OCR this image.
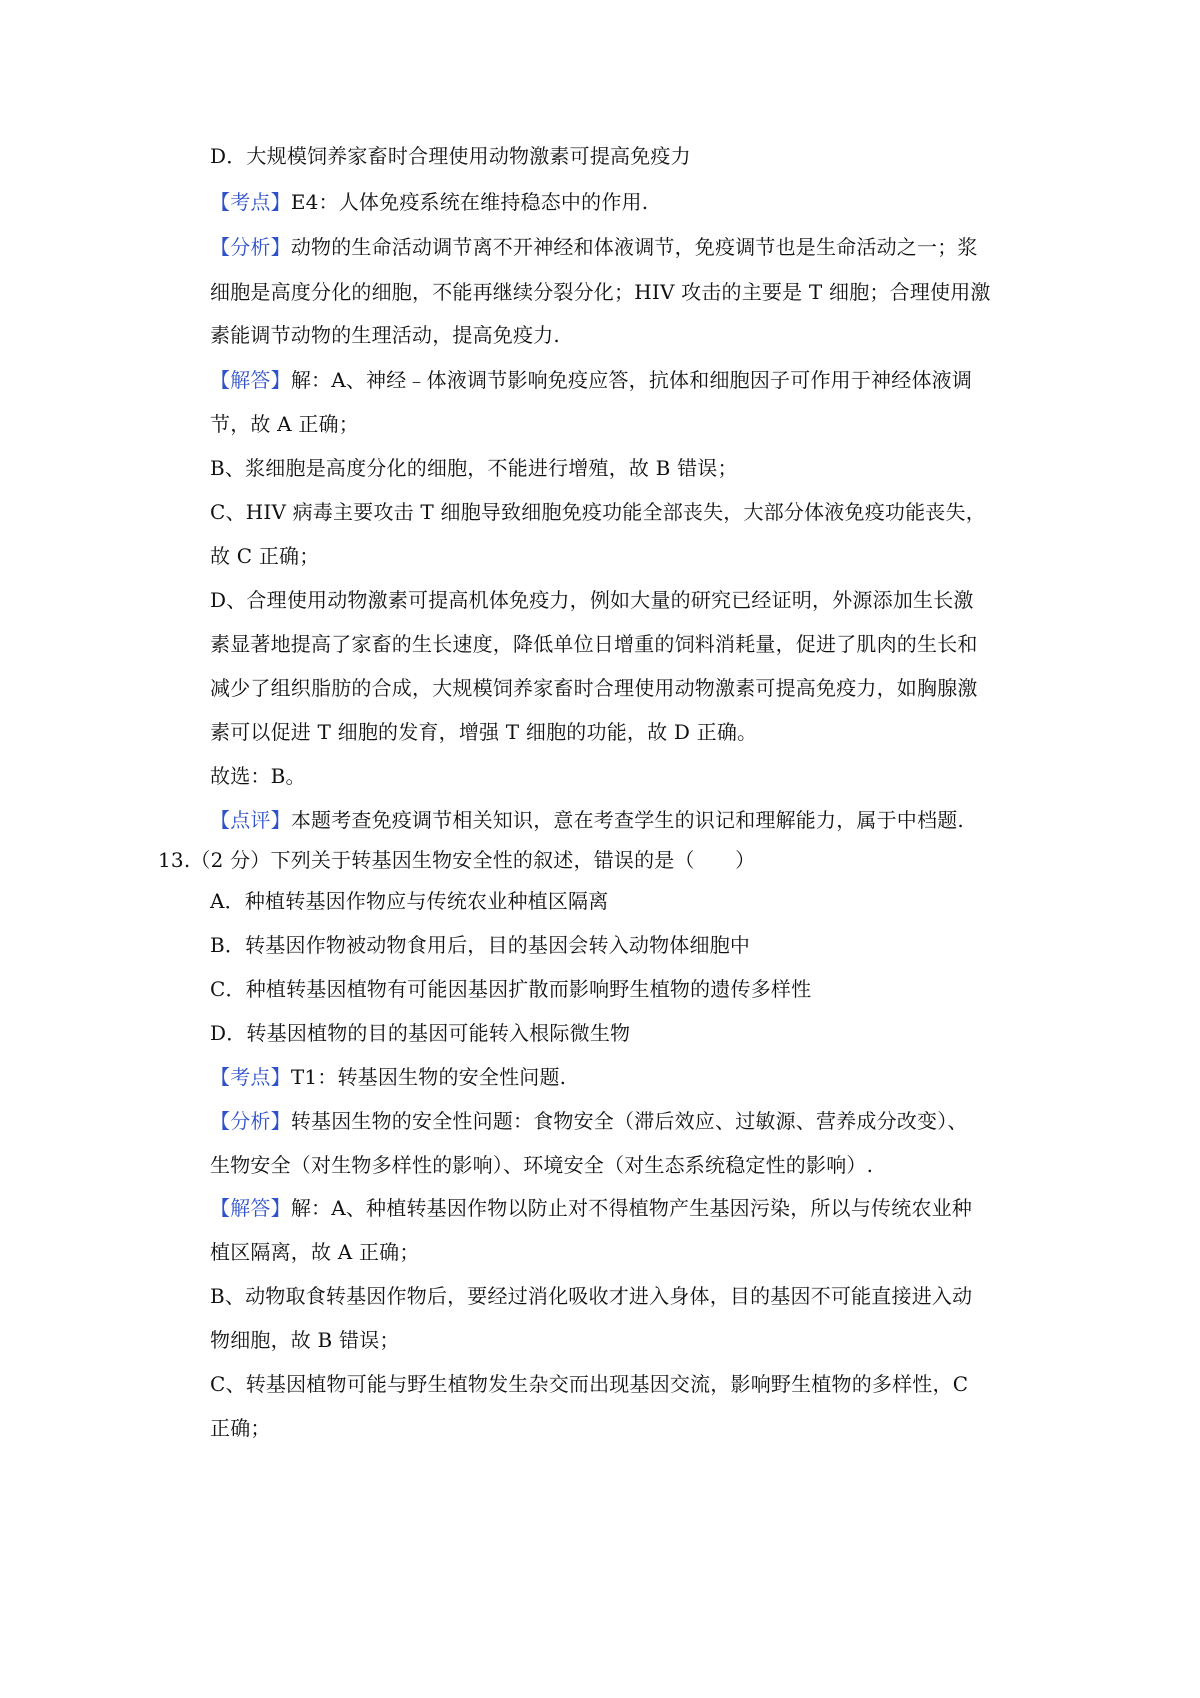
D．大规模饲养家畜时合理使用动物激素可提高免疫力
【考点】E4：人体免疫系统在维持稳态中的作用.
【分析】动物的生命活动调节离不开神经和体液调节，免疫调节也是生命活动之一；浆
细胞是高度分化的细胞，不能再继续分裂分化；HIV 攻击的主要是 T 细胞；合理使用激
素能调节动物的生理活动，提高免疫力.
【解答】解：A、神经﹣体液调节影响免疫应答，抗体和细胞因子可作用于神经体液调
节，故 A 正确；
B、浆细胞是高度分化的细胞，不能进行增殖，故 B 错误；
C、HIV 病毒主要攻击 T 细胞导致细胞免疫功能全部丧失，大部分体液免疫功能丧失，
故 C 正确；
D、合理使用动物激素可提高机体免疫力，例如大量的研究已经证明，外源添加生长激
素显著地提高了家畜的生长速度，降低单位日增重的饲料消耗量，促进了肌肉的生长和
减少了组织脂肪的合成，大规模饲养家畜时合理使用动物激素可提高免疫力，如胸腺激
素可以促进 T 细胞的发育，增强 T 细胞的功能，故 D 正确。
故选：B。
【点评】本题考查免疫调节相关知识，意在考查学生的识记和理解能力，属于中档题.
13.（2 分）下列关于转基因生物安全性的叙述，错误的是（　　）
A．种植转基因作物应与传统农业种植区隔离
B．转基因作物被动物食用后，目的基因会转入动物体细胞中
C．种植转基因植物有可能因基因扩散而影响野生植物的遗传多样性
D．转基因植物的目的基因可能转入根际微生物
【考点】T1：转基因生物的安全性问题.
【分析】转基因生物的安全性问题：食物安全（滞后效应、过敏源、营养成分改变）、
生物安全（对生物多样性的影响）、环境安全（对生态系统稳定性的影响）.
【解答】解：A、种植转基因作物以防止对不得植物产生基因污染，所以与传统农业种
植区隔离，故 A 正确；
B、动物取食转基因作物后，要经过消化吸收才进入身体，目的基因不可能直接进入动
物细胞，故 B 错误；
C、转基因植物可能与野生植物发生杂交而出现基因交流，影响野生植物的多样性，C
正确；
